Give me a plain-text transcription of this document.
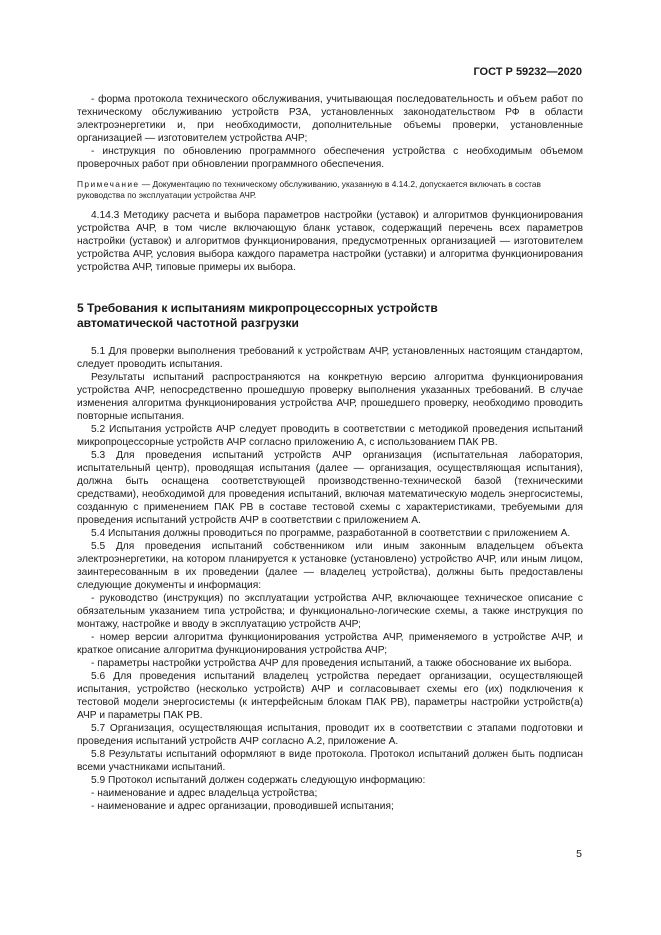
ГОСТ Р 59232—2020

- форма протокола технического обслуживания, учитывающая последовательность и объем работ по техническому обслуживанию устройств РЗА, установленных законодательством РФ в области электроэнергетики и, при необходимости, дополнительные объемы проверки, установленные организацией — изготовителем устройства АЧР;

- инструкция по обновлению программного обеспечения устройства с необходимым объемом проверочных работ при обновлении программного обеспечения.

Примечание — Документацию по техническому обслуживанию, указанную в 4.14.2, допускается включать в состав руководства по эксплуатации устройства АЧР.

4.14.3 Методику расчета и выбора параметров настройки (уставок) и алгоритмов функционирования устройства АЧР, в том числе включающую бланк уставок, содержащий перечень всех параметров настройки (уставок) и алгоритмов функционирования, предусмотренных организацией — изготовителем устройства АЧР, условия выбора каждого параметра настройки (уставки) и алгоритма функционирования устройства АЧР, типовые примеры их выбора.

5 Требования к испытаниям микропроцессорных устройств
автоматической частотной разгрузки

5.1 Для проверки выполнения требований к устройствам АЧР, установленных настоящим стандартом, следует проводить испытания.

Результаты испытаний распространяются на конкретную версию алгоритма функционирования устройства АЧР, непосредственно прошедшую проверку выполнения указанных требований. В случае изменения алгоритма функционирования устройства АЧР, прошедшего проверку, необходимо проводить повторные испытания.

5.2 Испытания устройств АЧР следует проводить в соответствии с методикой проведения испытаний микропроцессорные устройств АЧР согласно приложению А, с использованием ПАК РВ.

5.3 Для проведения испытаний устройств АЧР организация (испытательная лаборатория, испытательный центр), проводящая испытания (далее — организация, осуществляющая испытания), должна быть оснащена соответствующей производственно-технической базой (техническими средствами), необходимой для проведения испытаний, включая математическую модель энергосистемы, созданную с применением ПАК РВ в составе тестовой схемы с характеристиками, требуемыми для проведения испытаний устройств АЧР в соответствии с приложением А.

5.4 Испытания должны проводиться по программе, разработанной в соответствии с приложением А.

5.5 Для проведения испытаний собственником или иным законным владельцем объекта электроэнергетики, на котором планируется к установке (установлено) устройство АЧР, или иным лицом, заинтересованным в их проведении (далее — владелец устройства), должны быть предоставлены следующие документы и информация:

- руководство (инструкция) по эксплуатации устройства АЧР, включающее техническое описание с обязательным указанием типа устройства; и функционально-логические схемы, а также инструкция по монтажу, настройке и вводу в эксплуатацию устройств АЧР;

- номер версии алгоритма функционирования устройства АЧР, применяемого в устройстве АЧР, и краткое описание алгоритма функционирования устройства АЧР;

- параметры настройки устройства АЧР для проведения испытаний, а также обоснование их выбора.

5.6 Для проведения испытаний владелец устройства передает организации, осуществляющей испытания, устройство (несколько устройств) АЧР и согласовывает схемы его (их) подключения к тестовой модели энергосистемы (к интерфейсным блокам ПАК РВ), параметры настройки устройств(а) АЧР и параметры ПАК РВ.

5.7 Организация, осуществляющая испытания, проводит их в соответствии с этапами подготовки и проведения испытаний устройств АЧР согласно А.2, приложение А.

5.8 Результаты испытаний оформляют в виде протокола. Протокол испытаний должен быть подписан всеми участниками испытаний.

5.9 Протокол испытаний должен содержать следующую информацию:

- наименование и адрес владельца устройства;

- наименование и адрес организации, проводившей испытания;

5
